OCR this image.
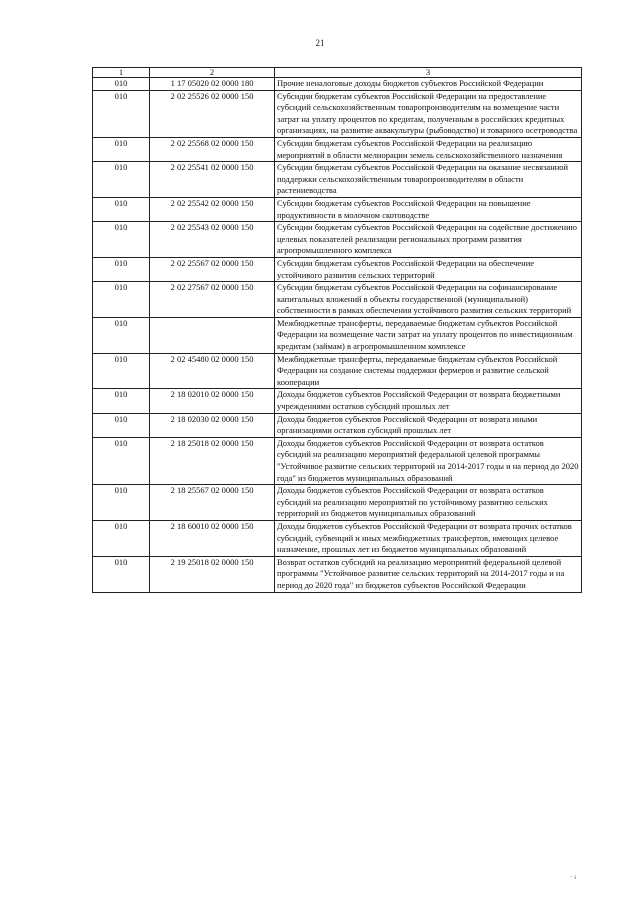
21
1	2	3
010	1 17 05020 02 0000 180	Прочие неналоговые доходы бюджетов субъектов Российской Федерации
010	2 02 25526 02 0000 150	Субсидии бюджетам субъектов Российской Федерации на предоставление субсидий сельскохозяйственным товаропроизводителям на возмещение части затрат на уплату процентов по кредитам, полученным в российских кредитных организациях, на развитие аквакультуры (рыбоводство) и товарного осетроводства
010	2 02 25568 02 0000 150	Субсидии бюджетам субъектов Российской Федерации на реализацию мероприятий в области мелиорации земель сельскохозяйственного назначения
010	2 02 25541 02 0000 150	Субсидии бюджетам субъектов Российской Федерации на оказание несвязанной поддержки сельскохозяйственным товаропроизводителям в области растениеводства
010	2 02 25542 02 0000 150	Субсидии бюджетам субъектов Российской Федерации на повышение продуктивности в молочном скотоводстве
010	2 02 25543 02 0000 150	Субсидии бюджетам субъектов Российской Федерации на содействие достижению целевых показателей реализации региональных программ развития агропромышленного комплекса
010	2 02 25567 02 0000 150	Субсидии бюджетам субъектов Российской Федерации на обеспечение устойчивого развития сельских территорий
010	2 02 27567 02 0000 150	Субсидии бюджетам субъектов Российской Федерации на софинансирование капитальных вложений в объекты государственной (муниципальной) собственности в рамках обеспечения устойчивого развития сельских территорий
010		Межбюджетные трансферты, передаваемые бюджетам субъектов Российской Федерации на возмещение части затрат на уплату процентов по инвестиционным кредитам (займам) в агропромышленном комплексе
010	2 02 45480 02 0000 150	Межбюджетные трансферты, передаваемые бюджетам субъектов Российской Федерации на создание системы поддержки фермеров и развитие сельской кооперации
010	2 18 02010 02 0000 150	Доходы бюджетов субъектов Российской Федерации от возврата бюджетными учреждениями остатков субсидий прошлых лет
010	2 18 02030 02 0000 150	Доходы бюджетов субъектов Российской Федерации от возврата иными организациями остатков субсидий прошлых лет
010	2 18 25018 02 0000 150	Доходы бюджетов субъектов Российской Федерации от возврата остатков субсидий на реализацию мероприятий федеральной целевой программы "Устойчивое развитие сельских территорий на 2014-2017 годы и на период до 2020 года" из бюджетов муниципальных образований
010	2 18 25567 02 0000 150	Доходы бюджетов субъектов Российской Федерации от возврата остатков субсидий на реализацию мероприятий по устойчивому развитию сельских территорий из бюджетов муниципальных образований
010	2 18 60010 02 0000 150	Доходы бюджетов субъектов Российской Федерации от возврата прочих остатков субсидий, субвенций и иных межбюджетных трансфертов, имеющих целевое назначение, прошлых лет из бюджетов муниципальных образований
010	2 19 25018 02 0000 150	Возврат остатков субсидий на реализацию мероприятий федеральной целевой программы "Устойчивое развитие сельских территорий на 2014-2017 годы и на период до 2020 года" из бюджетов субъектов Российской Федерации
· ı
